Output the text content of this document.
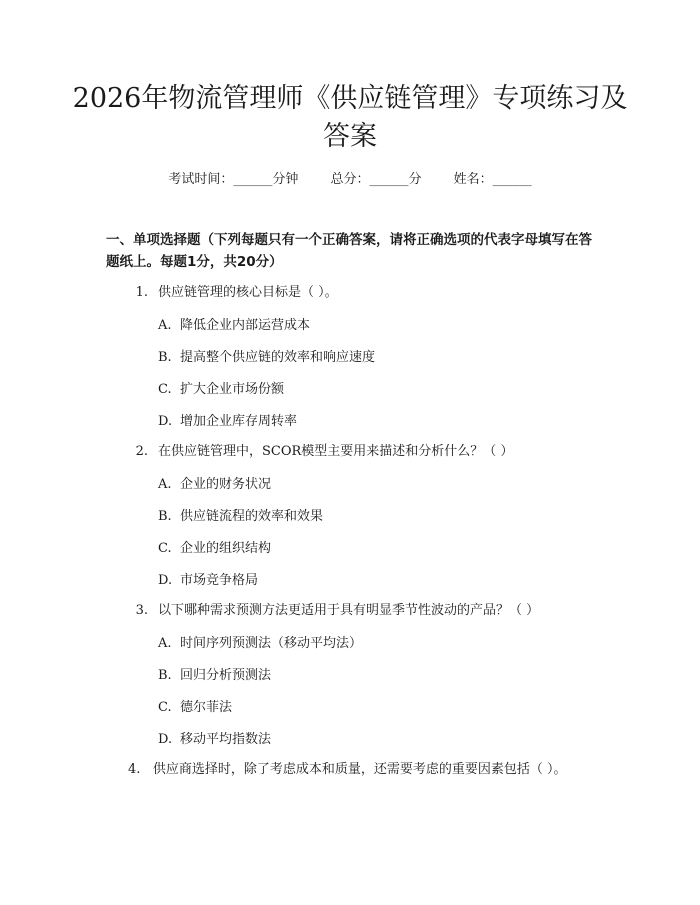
2026年物流管理师《供应链管理》专项练习及答案
考试时间：______分钟 总分：______分 姓名：______

一、单项选择题（下列每题只有一个正确答案，请将正确选项的代表字母填写在答题纸上。每题1分，共20分）

1. 供应链管理的核心目标是（ ）。
A. 降低企业内部运营成本
B. 提高整个供应链的效率和响应速度
C. 扩大企业市场份额
D. 增加企业库存周转率
2. 在供应链管理中，SCOR模型主要用来描述和分析什么？（ ）
A. 企业的财务状况
B. 供应链流程的效率和效果
C. 企业的组织结构
D. 市场竞争格局
3. 以下哪种需求预测方法更适用于具有明显季节性波动的产品？（ ）
A. 时间序列预测法（移动平均法）
B. 回归分析预测法
C. 德尔菲法
D. 移动平均指数法
4. 供应商选择时，除了考虑成本和质量，还需要考虑的重要因素包括（ ）。
